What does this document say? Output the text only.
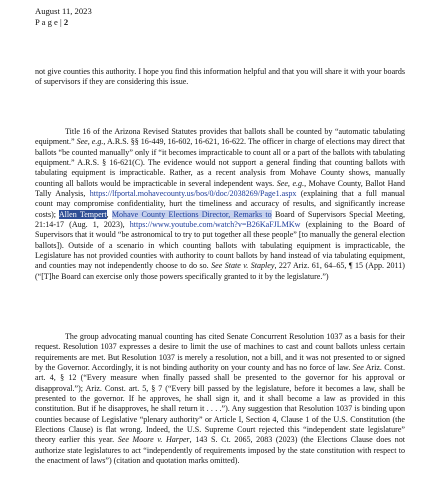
August 11, 2023
P a g e | 2

not give counties this authority. I hope you find this information helpful and that you will share it with your boards of supervisors if they are considering this issue.

Title 16 of the Arizona Revised Statutes provides that ballots shall be counted by “automatic tabulating equipment.” See, e.g., A.R.S. §§ 16-449, 16-602, 16-621, 16-622. The officer in charge of elections may direct that ballots “be counted manually” only if “it becomes impracticable to count all or a part of the ballots with tabulating equipment.” A.R.S. § 16-621(C). The evidence would not support a general finding that counting ballots with tabulating equipment is impracticable. Rather, as a recent analysis from Mohave County shows, manually counting all ballots would be impracticable in several independent ways. See, e.g., Mohave County, Ballot Hand Tally Analysis, https://lfportal.mohavecounty.us/bos/0/doc/2038269/Page1.aspx (explaining that a full manual count may compromise confidentiality, hurt the timeliness and accuracy of results, and significantly increase costs); Allen Tempert, Mohave County Elections Director, Remarks to Board of Supervisors Special Meeting, 21:14-17 (Aug. 1, 2023), https://www.youtube.com/watch?v=B26KaFJLMKw (explaining to the Board of Supervisors that it would “be astronomical to try to put together all these people” [to manually the general election ballots]). Outside of a scenario in which counting ballots with tabulating equipment is impracticable, the Legislature has not provided counties with authority to count ballots by hand instead of via tabulating equipment, and counties may not independently choose to do so. See State v. Stapley, 227 Ariz. 61, 64–65, ¶ 15 (App. 2011) (“[T]he Board can exercise only those powers specifically granted to it by the legislature.”)

The group advocating manual counting has cited Senate Concurrent Resolution 1037 as a basis for their request. Resolution 1037 expresses a desire to limit the use of machines to cast and count ballots unless certain requirements are met. But Resolution 1037 is merely a resolution, not a bill, and it was not presented to or signed by the Governor. Accordingly, it is not binding authority on your county and has no force of law. See Ariz. Const. art. 4, § 12 (“Every measure when finally passed shall be presented to the governor for his approval or disapproval.”); Ariz. Const. art. 5, § 7 (“Every bill passed by the legislature, before it becomes a law, shall be presented to the governor. If he approves, he shall sign it, and it shall become a law as provided in this constitution. But if he disapproves, he shall return it . . . .”). Any suggestion that Resolution 1037 is binding upon counties because of Legislative “plenary authority” or Article I, Section 4, Clause 1 of the U.S. Constitution (the Elections Clause) is flat wrong. Indeed, the U.S. Supreme Court rejected this “independent state legislature” theory earlier this year. See Moore v. Harper, 143 S. Ct. 2065, 2083 (2023) (the Elections Clause does not authorize state legislatures to act “independently of requirements imposed by the state constitution with respect to the enactment of laws”) (citation and quotation marks omitted).
